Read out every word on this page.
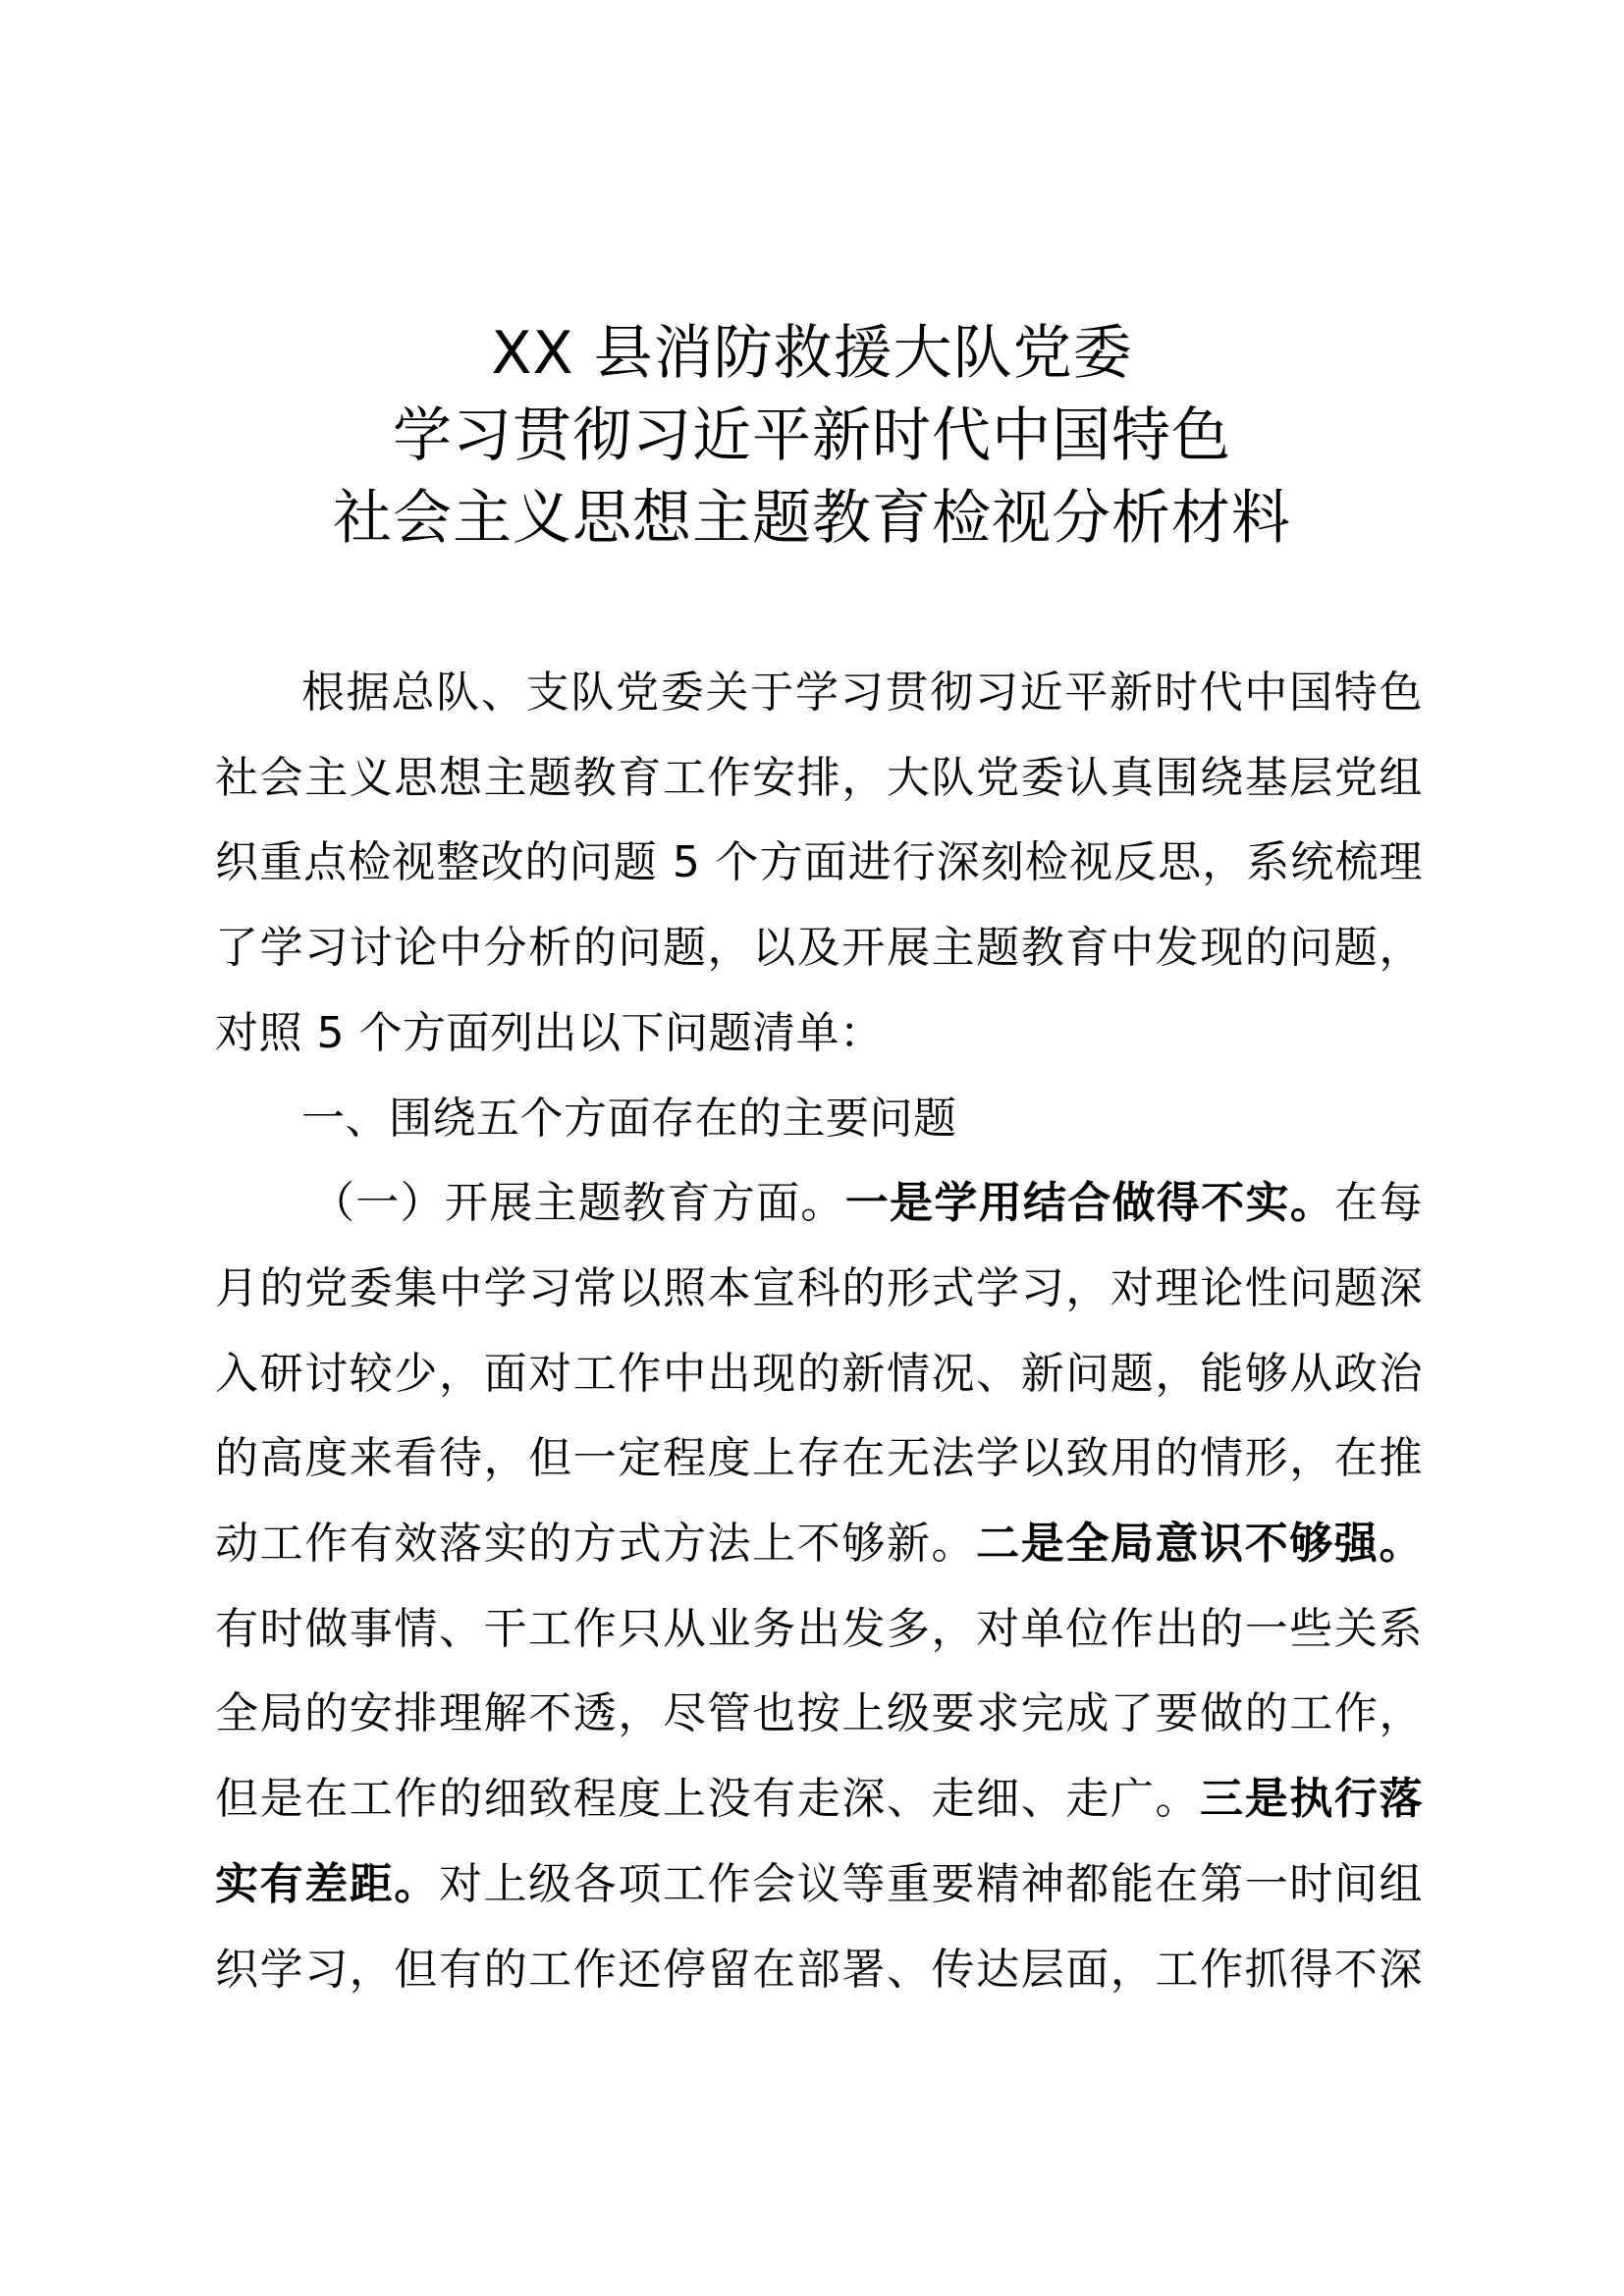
XX 县消防救援大队党委
学习贯彻习近平新时代中国特色
社会主义思想主题教育检视分析材料
根据总队、支队党委关于学习贯彻习近平新时代中国特色
社会主义思想主题教育工作安排，大队党委认真围绕基层党组
织重点检视整改的问题 5 个方面进行深刻检视反思，系统梳理
了学习讨论中分析的问题，以及开展主题教育中发现的问题，
对照 5 个方面列出以下问题清单：
一、围绕五个方面存在的主要问题
（一）开展主题教育方面。一是学用结合做得不实。在每
月的党委集中学习常以照本宣科的形式学习，对理论性问题深
入研讨较少，面对工作中出现的新情况、新问题，能够从政治
的高度来看待，但一定程度上存在无法学以致用的情形，在推
动工作有效落实的方式方法上不够新。二是全局意识不够强。
有时做事情、干工作只从业务出发多，对单位作出的一些关系
全局的安排理解不透，尽管也按上级要求完成了要做的工作，
但是在工作的细致程度上没有走深、走细、走广。三是执行落
实有差距。对上级各项工作会议等重要精神都能在第一时间组
织学习，但有的工作还停留在部署、传达层面，工作抓得不深
